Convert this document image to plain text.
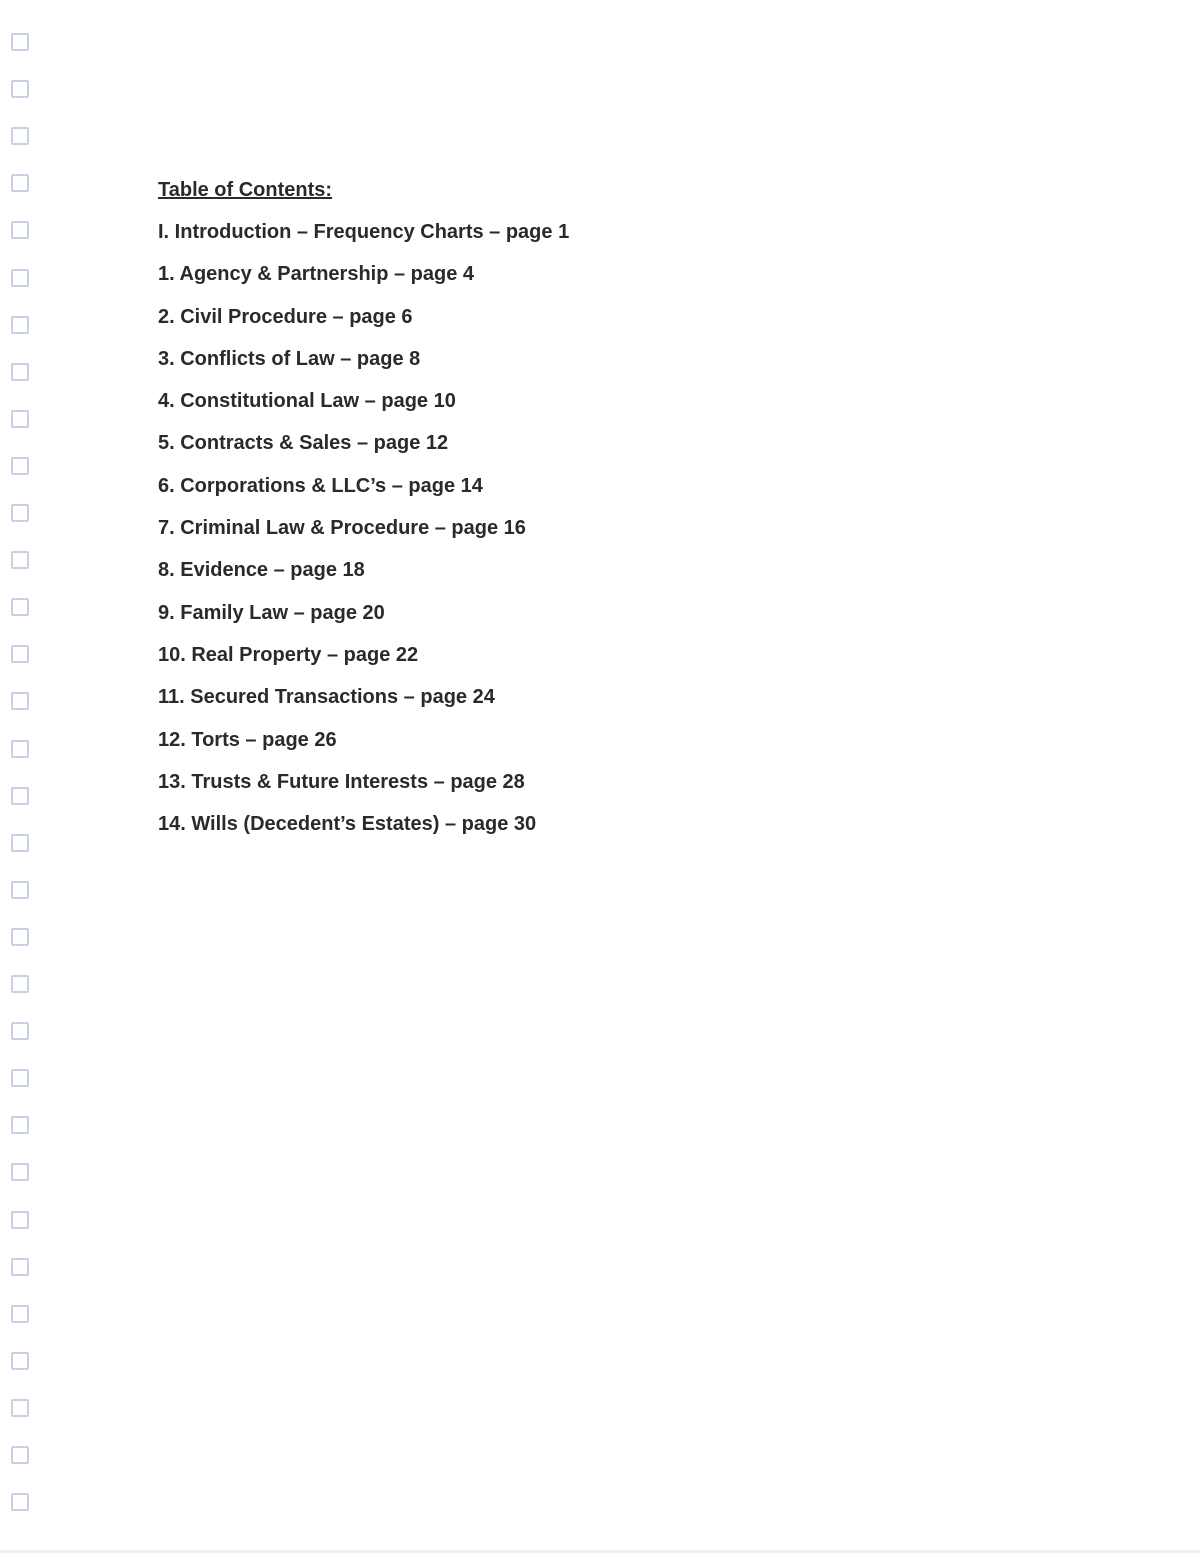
Table of Contents:
I. Introduction – Frequency Charts – page 1
1. Agency & Partnership – page 4
2. Civil Procedure – page 6
3. Conflicts of Law – page 8
4. Constitutional Law – page 10
5. Contracts & Sales – page 12
6. Corporations & LLC’s – page 14
7. Criminal Law & Procedure – page 16
8. Evidence – page 18
9. Family Law – page 20
10. Real Property – page 22
11. Secured Transactions – page 24
12. Torts – page 26
13. Trusts & Future Interests – page 28
14. Wills (Decedent’s Estates) – page 30
